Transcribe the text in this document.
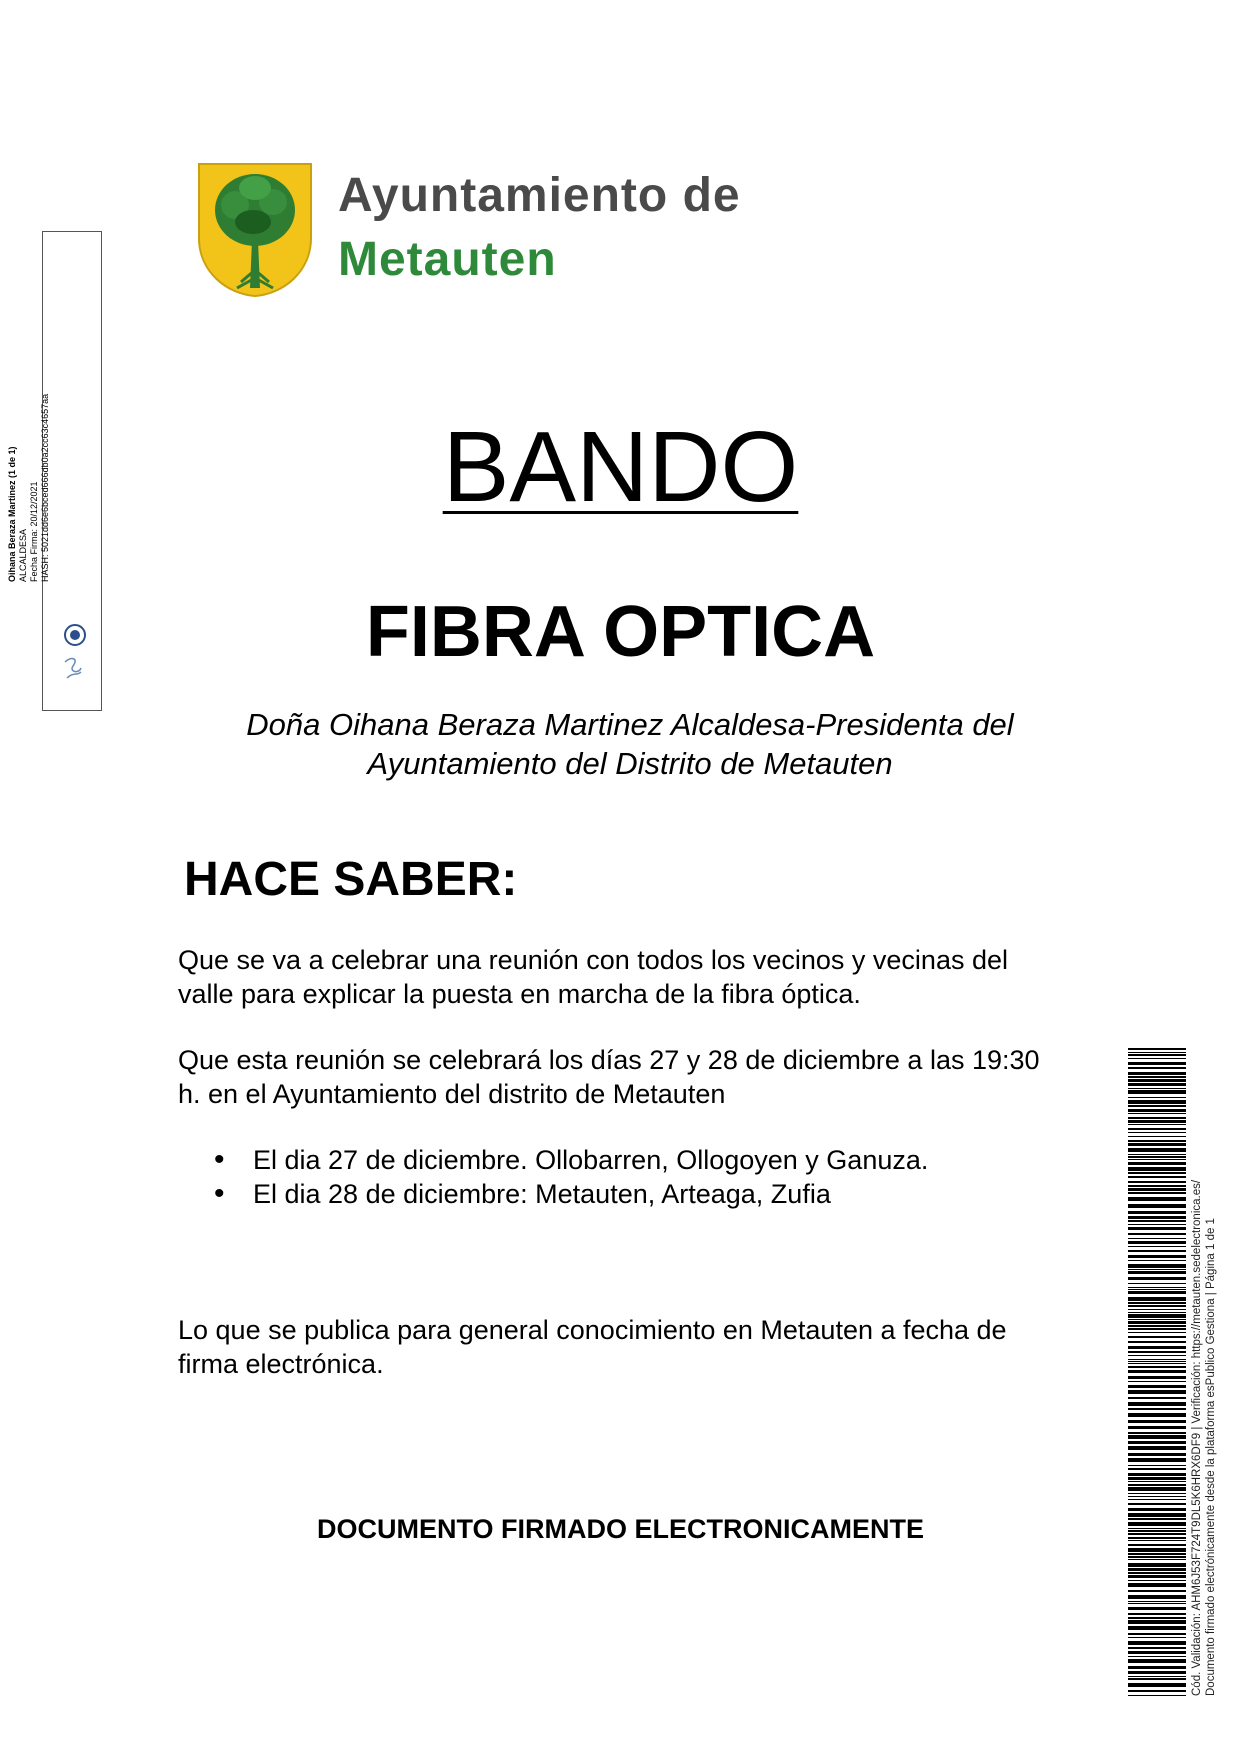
Ayuntamiento de
Metauten
Oihana Beraza Martinez (1 de 1) ALCALDESA Fecha Firma: 20/12/2021 HASH: 5021dd6e6bced666db0a2cc63c4657aa	BANDO
FIBRA OPTICA
Doña Oihana Beraza Martinez Alcaldesa-Presidenta del
Ayuntamiento del Distrito de Metauten
HACE SABER:
Que se va a celebrar una reunión con todos los vecinos y vecinas del valle para explicar la puesta en marcha de la fibra óptica.
Que esta reunión se celebrará los días 27 y 28 de diciembre a las 19:30 h. en el Ayuntamiento del distrito de Metauten
• El dia 27 de diciembre. Ollobarren, Ollogoyen y Ganuza.
• El dia 28 de diciembre: Metauten, Arteaga, Zufia
Lo que se publica para general conocimiento en Metauten a fecha de firma electrónica.
DOCUMENTO FIRMADO ELECTRONICAMENTE	Cód. Validación: AHM6J53F724T9DL5K6HRX6DF9 | Verificación: https://metauten.sedelectronica.es/ Documento firmado electrónicamente desde la plataforma esPublico Gestiona | Página 1 de 1
